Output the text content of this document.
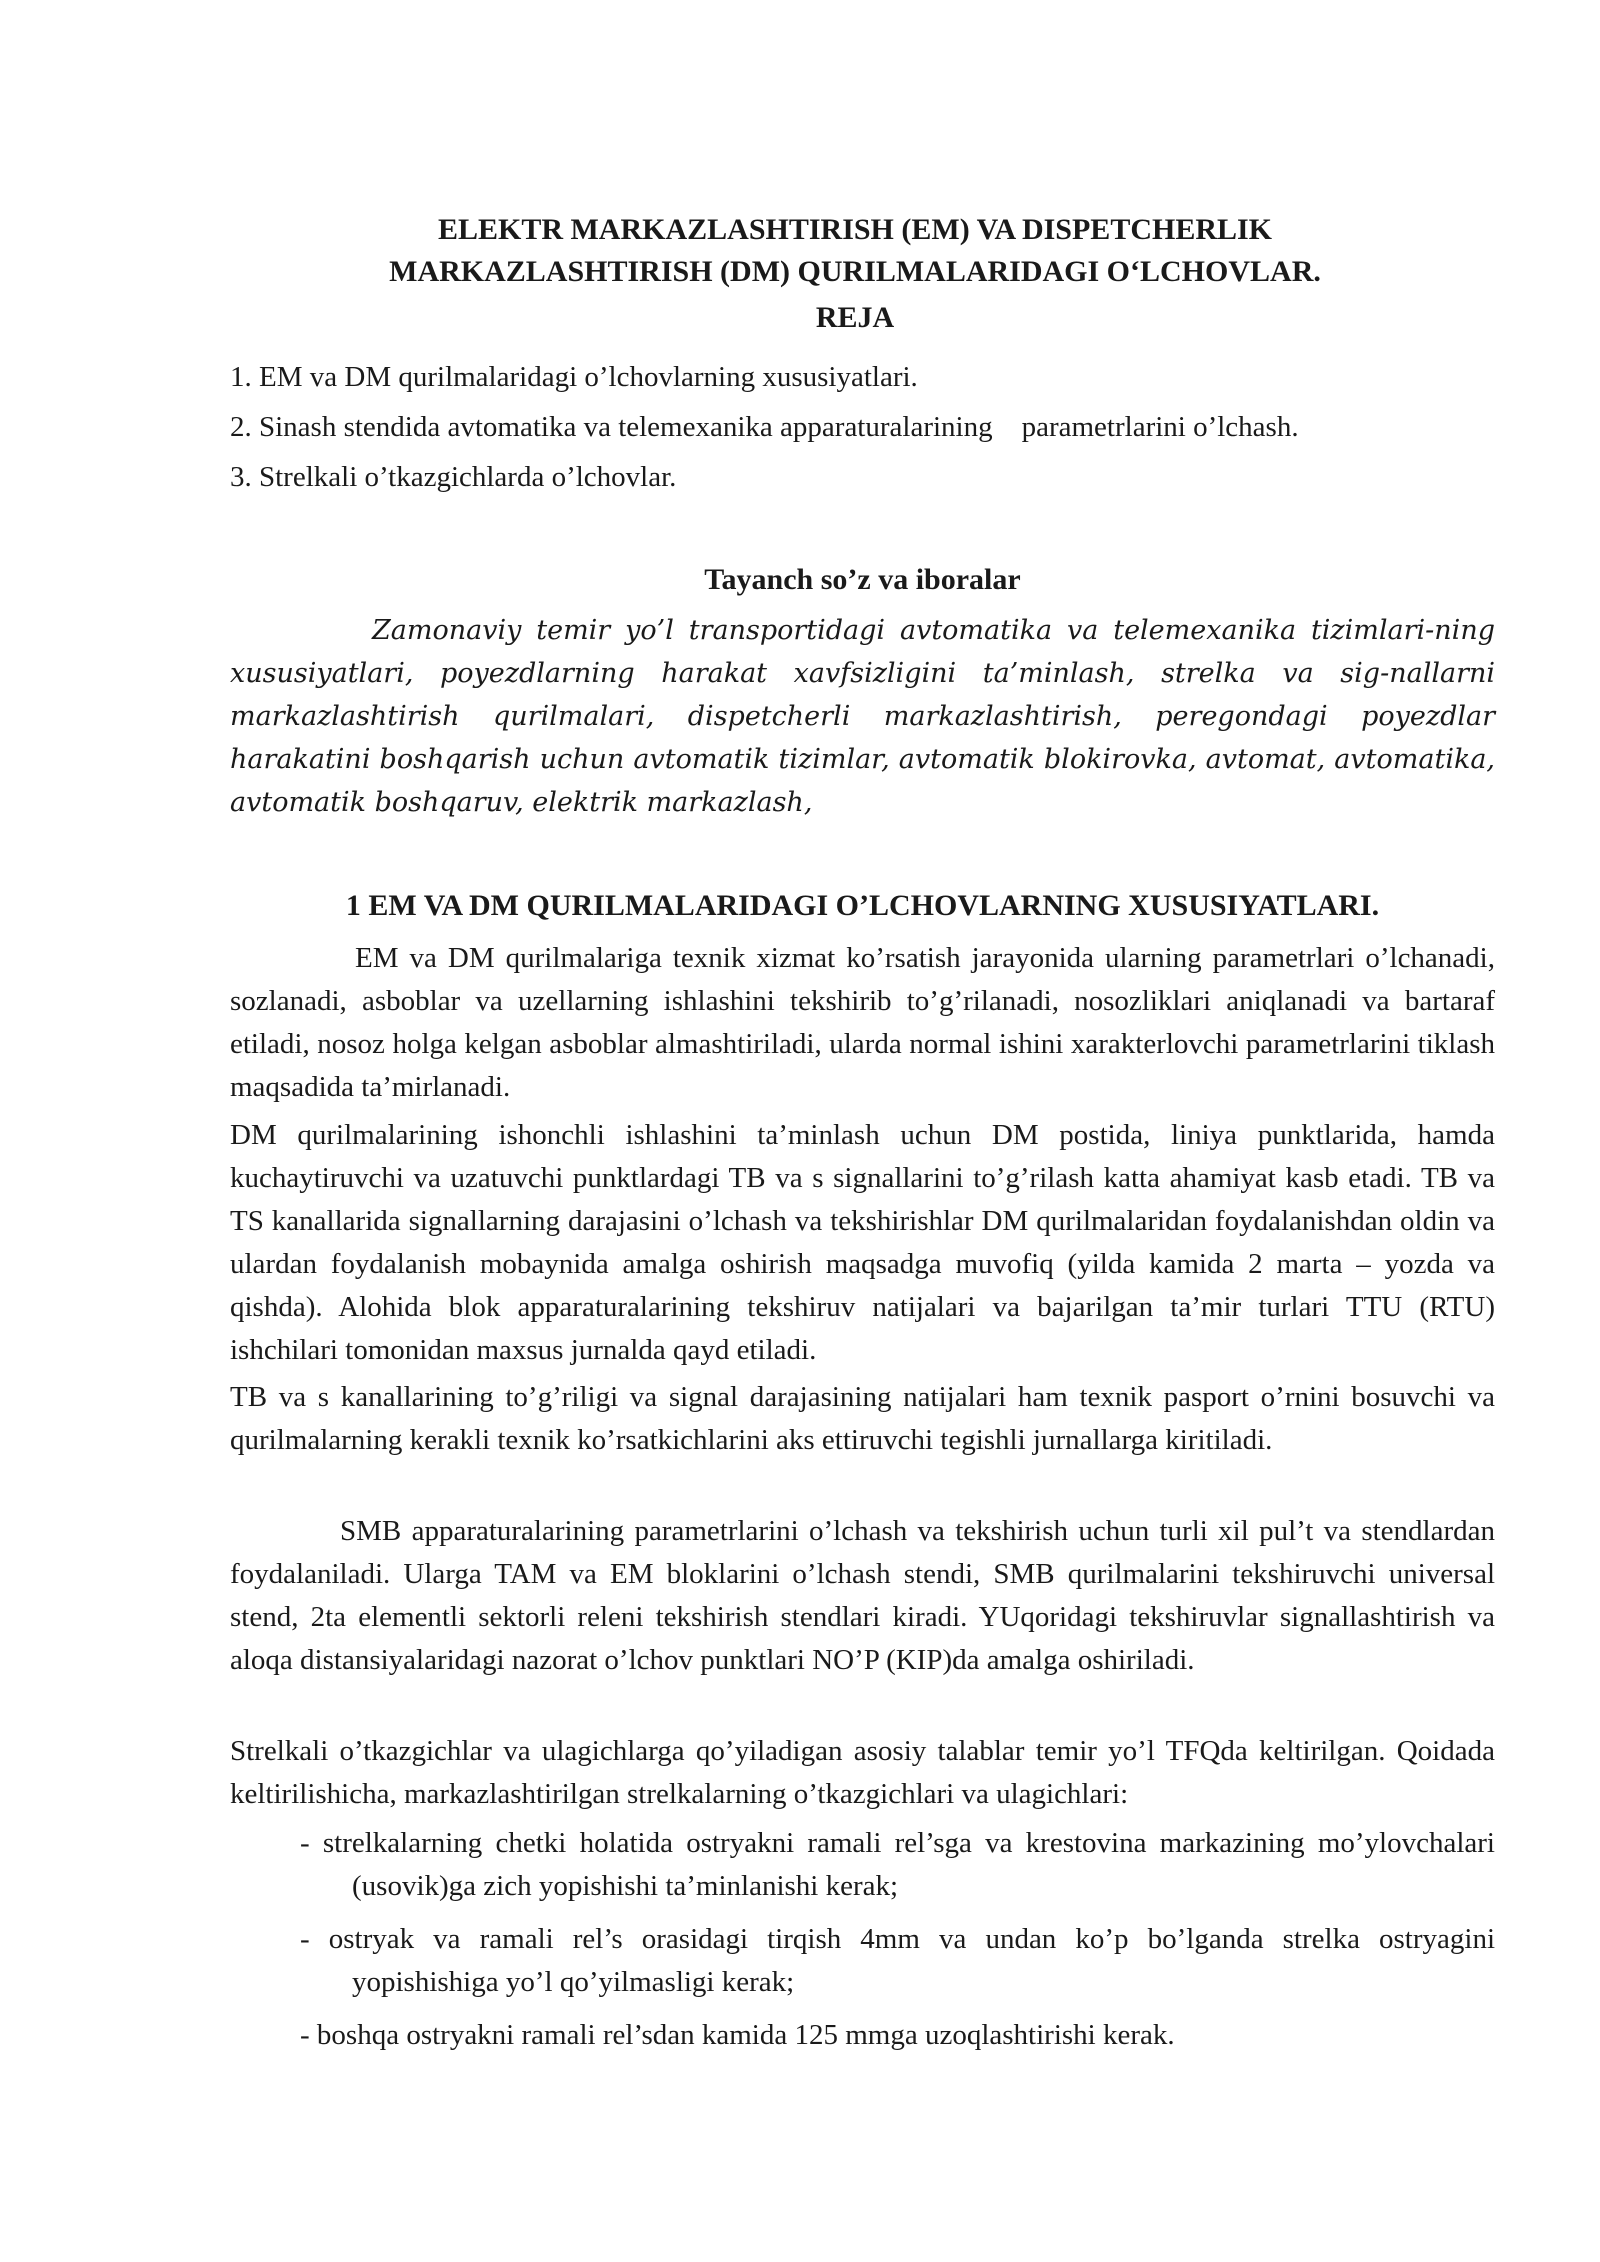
ELEKTR MARKAZLASHTIRISH (EM) VA DISPETCHERLIK

MARKAZLASHTIRISH (DM) QURILMALARIDAGI O‘LCHOVLAR.

REJA

1. EM va DM qurilmalaridagi o’lchovlarning xususiyatlari.
2. Sinash stendida avtomatika va telemexanika apparaturalarining    parametrlarini o’lchash.
3. Strelkali o’tkazgichlarda o’lchovlar.

Tayanch so’z va iboralar

Zamonaviy temir yo’l transportidagi avtomatika va telemexanika tizimlari-ning xususiyatlari, poyezdlarning harakat xavfsizligini ta’minlash, strelka va sig-nallarni markazlashtirish qurilmalari, dispetcherli markazlashtirish, peregondagi poyezdlar harakatini boshqarish uchun avtomatik tizimlar, avtomatik blokirovka, avtomat, avtomatika, avtomatik boshqaruv, elektrik markazlash,

1 EM VA DM QURILMALARIDAGI O’LCHOVLARNING XUSUSIYATLARI.

EM va DM qurilmalariga texnik xizmat ko’rsatish jarayonida ularning parametrlari o’lchanadi, sozlanadi, asboblar va uzellarning ishlashini tekshirib to’g’rilanadi, nosozliklari aniqlanadi va bartaraf etiladi, nosoz holga kelgan asboblar almashtiriladi, ularda normal ishini xarakterlovchi parametrlarini tiklash maqsadida ta’mirlanadi.

DM qurilmalarining ishonchli ishlashini ta’minlash uchun DM postida, liniya punktlarida, hamda kuchaytiruvchi va uzatuvchi punktlardagi TB va s signallarini to’g’rilash katta ahamiyat kasb etadi. TB va TS kanallarida signallarning darajasini o’lchash va tekshirishlar DM qurilmalaridan foydalanishdan oldin va ulardan foydalanish mobaynida amalga oshirish maqsadga muvofiq (yilda kamida 2 marta – yozda va qishda). Alohida blok apparaturalarining tekshiruv natijalari va bajarilgan ta’mir turlari TTU (RTU) ishchilari tomonidan maxsus jurnalda qayd etiladi.

TB va s kanallarining to’g’riligi va signal darajasining natijalari ham texnik pasport o’rnini bosuvchi va qurilmalarning kerakli texnik ko’rsatkichlarini aks ettiruvchi tegishli jurnallarga kiritiladi.

SMB apparaturalarining parametrlarini o’lchash va tekshirish uchun turli xil pul’t va stendlardan foydalaniladi. Ularga TAM va EM bloklarini o’lchash stendi, SMB qurilmalarini tekshiruvchi universal stend, 2ta elementli sektorli releni tekshirish stendlari kiradi. YUqoridagi tekshiruvlar signallashtirish va aloqa distansiyalaridagi nazorat o’lchov punktlari NO’P (KIP)da amalga oshiriladi.

Strelkali o’tkazgichlar va ulagichlarga qo’yiladigan asosiy talablar temir yo’l TFQda keltirilgan. Qoidada keltirilishicha, markazlashtirilgan strelkalarning o’tkazgichlari va ulagichlari:

- strelkalarning chetki holatida ostryakni ramali rel’sga va krestovina markazining mo’ylovchalari (usovik)ga zich yopishishi ta’minlanishi kerak;
- ostryak va ramali rel’s orasidagi tirqish 4mm va undan ko’p bo’lganda strelka ostryagini yopishishiga yo’l qo’yilmasligi kerak;
- boshqa ostryakni ramali rel’sdan kamida 125 mmga uzoqlashtirishi kerak.
